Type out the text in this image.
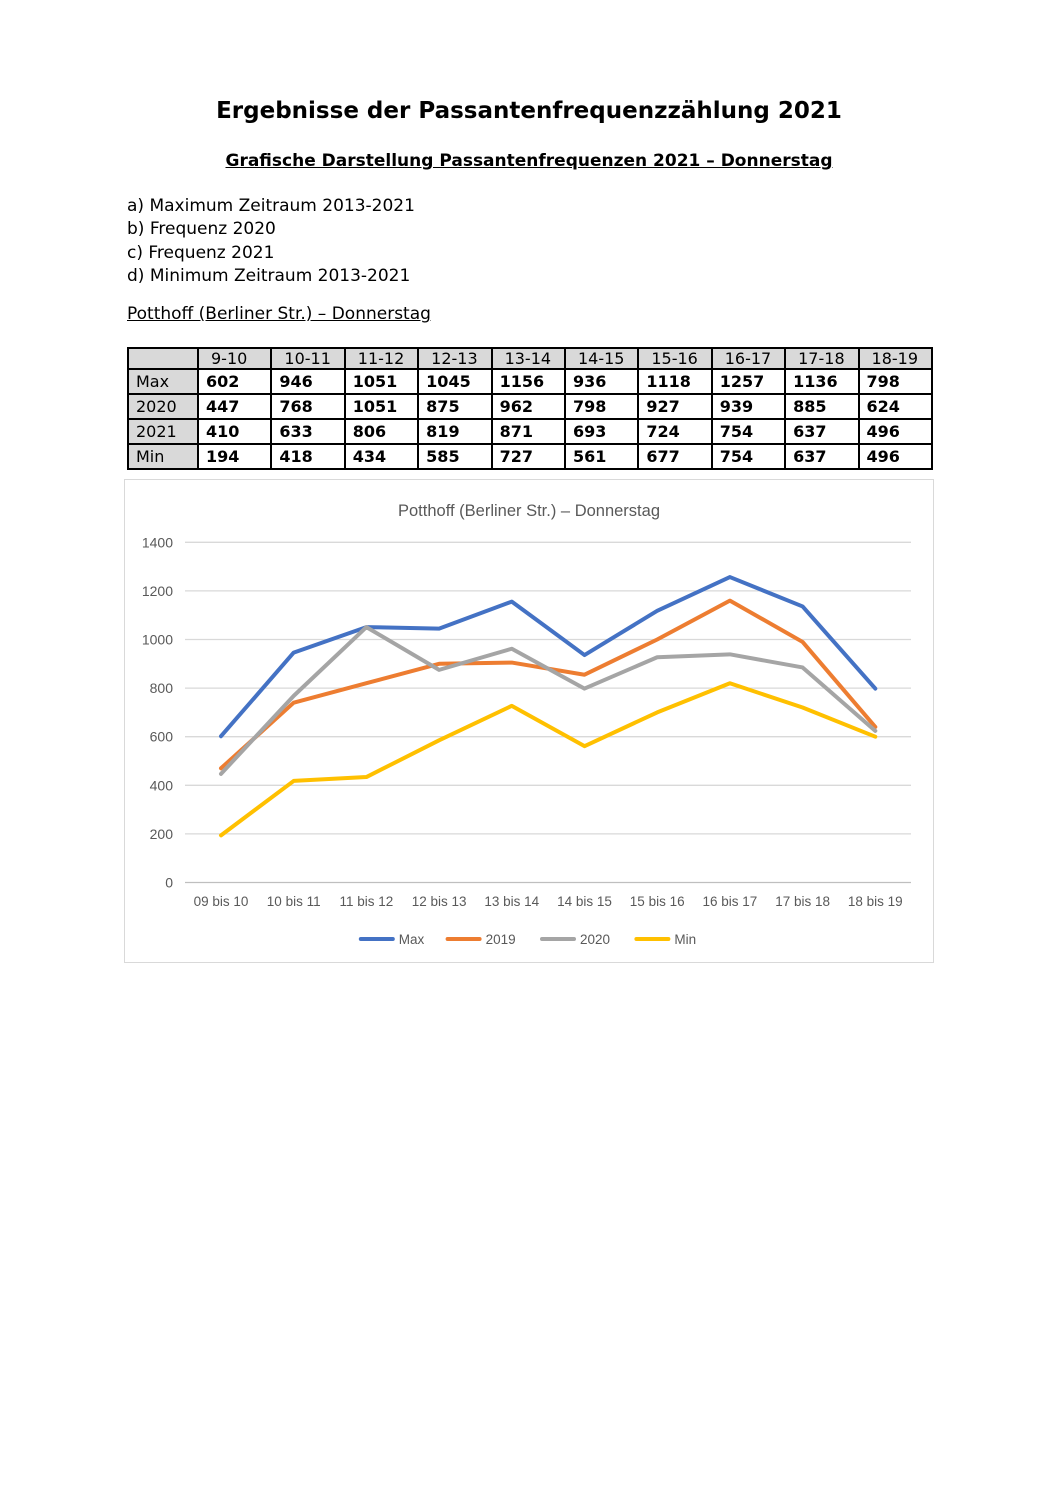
Ergebnisse der Passantenfrequenzzählung 2021
Grafische Darstellung Passantenfrequenzen 2021 – Donnerstag
a) Maximum Zeitraum 2013-2021
b) Frequenz 2020
c) Frequenz 2021
d) Minimum Zeitraum 2013-2021
Potthoff (Berliner Str.) – Donnerstag
	9-10	10-11	11-12	12-13	13-14	14-15	15-16	16-17	17-18	18-19
Max	602	946	1051	1045	1156	936	1118	1257	1136	798
2020	447	768	1051	875	962	798	927	939	885	624
2021	410	633	806	819	871	693	724	754	637	496
Min	194	418	434	585	727	561	677	754	637	496
Potthoff (Berliner Str.) – Donnerstag
0
200
400
600
800
1000
1200
1400
09 bis 10 10 bis 11 11 bis 12 12 bis 13 13 bis 14 14 bis 15 15 bis 16 16 bis 17 17 bis 18 18 bis 19
Max	2019	2020	Min
